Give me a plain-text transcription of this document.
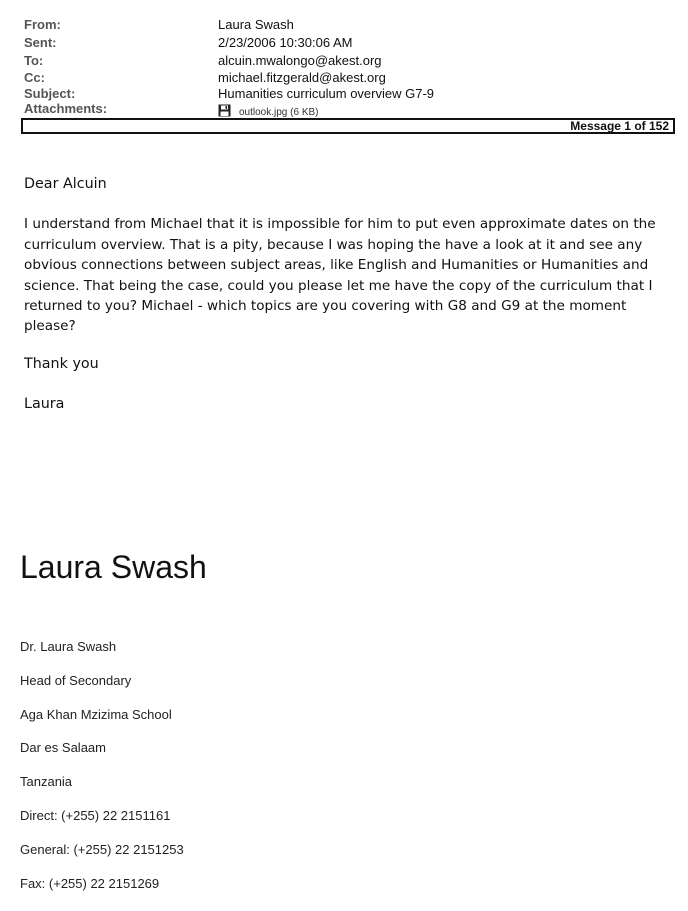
From:	Laura Swash
Sent:	2/23/2006 10:30:06 AM
To:	alcuin.mwalongo@akest.org
Cc:	michael.fitzgerald@akest.org
Subject:	Humanities curriculum overview G7-9
Attachments:	outlook.jpg (6 KB)
Message 1 of 152
Dear Alcuin
I understand from Michael that it is impossible for him to put even approximate dates on the
curriculum overview. That is a pity, because I was hoping the have a look at it and see any
obvious connections between subject areas, like English and Humanities or Humanities and
science. That being the case, could you please let me have the copy of the curriculum that I
returned to you? Michael - which topics are you covering with G8 and G9 at the moment
please?
Thank you
Laura
Laura Swash
Dr. Laura Swash
Head of Secondary
Aga Khan Mzizima School
Dar es Salaam
Tanzania
Direct: (+255) 22 2151161
General: (+255) 22 2151253
Fax: (+255) 22 2151269
